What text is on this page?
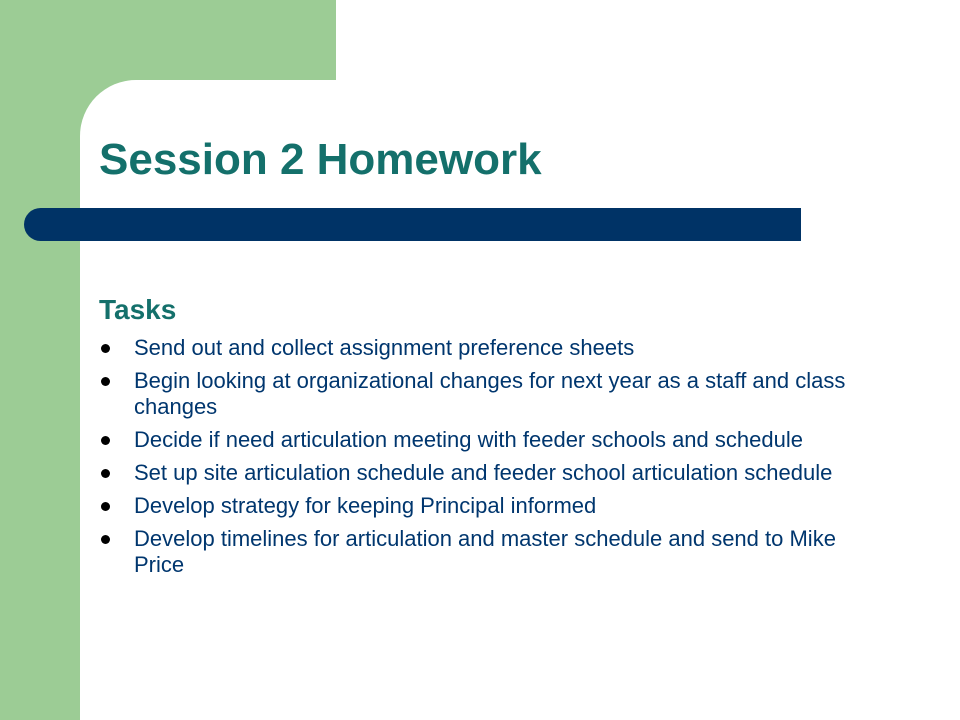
Session 2 Homework
Tasks
Send out and collect assignment preference sheets
Begin looking at organizational changes for next year as a staff and class changes
Decide if need articulation meeting with feeder schools and schedule
Set up site articulation schedule and feeder school articulation schedule
Develop strategy for keeping Principal informed
Develop timelines for articulation and master schedule and send to Mike Price
